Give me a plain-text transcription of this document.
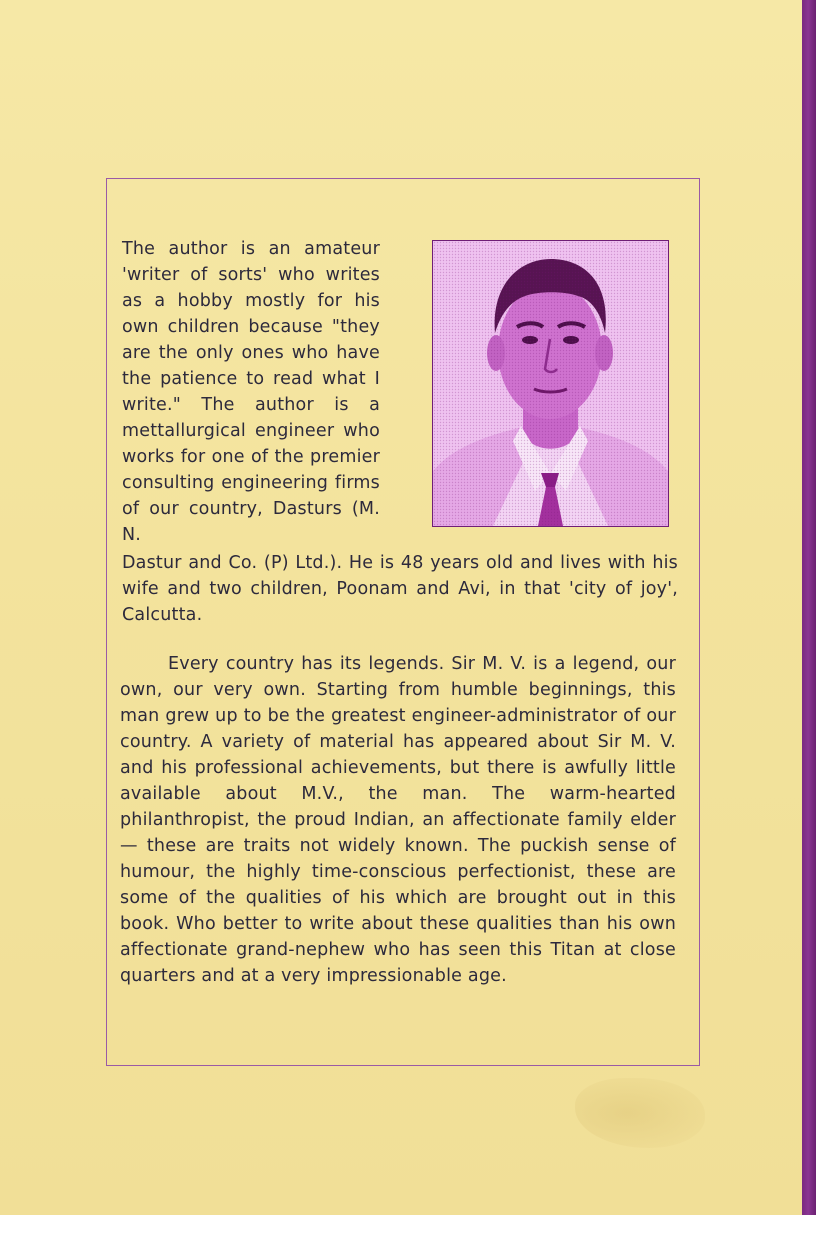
The author is an amateur 'writer of sorts' who writes as a hobby mostly for his own children because "they are the only ones who have the patience to read what I write." The author is a mettallurgical engineer who works for one of the premier consulting engineering firms of our country, Dasturs (M. N.

Dastur and Co. (P) Ltd.). He is 48 years old and lives with his wife and two children, Poonam and Avi, in that 'city of joy', Calcutta.

Every country has its legends. Sir M. V. is a legend, our own, our very own. Starting from humble beginnings, this man grew up to be the greatest engineer-administrator of our country. A variety of material has appeared about Sir M. V. and his professional achievements, but there is awfully little available about M.V., the man. The warm-hearted philanthropist, the proud Indian, an affectionate family elder — these are traits not widely known. The puckish sense of humour, the highly time-conscious perfectionist, these are some of the qualities of his which are brought out in this book. Who better to write about these qualities than his own affectionate grand-nephew who has seen this Titan at close quarters and at a very impressionable age.
